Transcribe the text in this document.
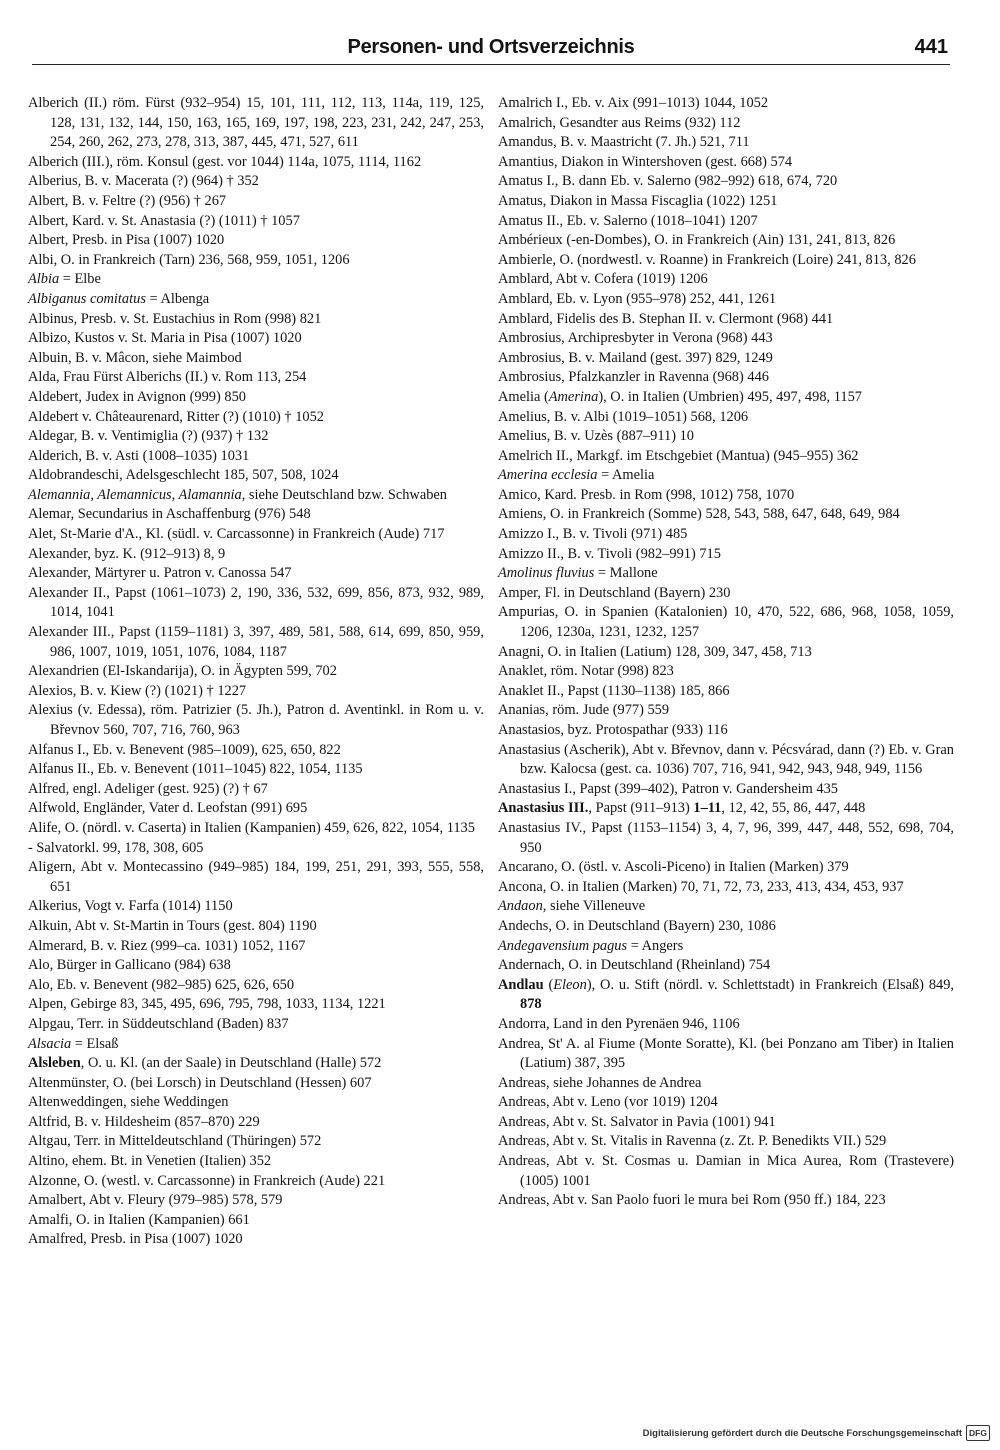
Personen- und Ortsverzeichnis	441
Alberich (II.) röm. Fürst (932–954) 15, 101, 111, 112, 113, 114a, 119, 125, 128, 131, 132, 144, 150, 163, 165, 169, 197, 198, 223, 231, 242, 247, 253, 254, 260, 262, 273, 278, 313, 387, 445, 471, 527, 611
Alberich (III.), röm. Konsul (gest. vor 1044) 114a, 1075, 1114, 1162
Alberius, B. v. Macerata (?) (964) † 352
Albert, B. v. Feltre (?) (956) † 267
Albert, Kard. v. St. Anastasia (?) (1011) † 1057
Albert, Presb. in Pisa (1007) 1020
Albi, O. in Frankreich (Tarn) 236, 568, 959, 1051, 1206
Albia = Elbe
Albiganus comitatus = Albenga
Albinus, Presb. v. St. Eustachius in Rom (998) 821
Albizo, Kustos v. St. Maria in Pisa (1007) 1020
Albuin, B. v. Mâcon, siehe Maimbod
Alda, Frau Fürst Alberichs (II.) v. Rom 113, 254
Aldebert, Judex in Avignon (999) 850
Aldebert v. Châteaurenard, Ritter (?) (1010) † 1052
Aldegar, B. v. Ventimiglia (?) (937) † 132
Alderich, B. v. Asti (1008–1035) 1031
Aldobrandeschi, Adelsgeschlecht 185, 507, 508, 1024
Alemannia, Alemannicus, Alamannia, siehe Deutschland bzw. Schwaben
Alemar, Secundarius in Aschaffenburg (976) 548
Alet, St-Marie d'A., Kl. (südl. v. Carcassonne) in Frankreich (Aude) 717
Alexander, byz. K. (912–913) 8, 9
Alexander, Märtyrer u. Patron v. Canossa 547
Alexander II., Papst (1061–1073) 2, 190, 336, 532, 699, 856, 873, 932, 989, 1014, 1041
Alexander III., Papst (1159–1181) 3, 397, 489, 581, 588, 614, 699, 850, 959, 986, 1007, 1019, 1051, 1076, 1084, 1187
Alexandrien (El-Iskandarija), O. in Ägypten 599, 702
Alexios, B. v. Kiew (?) (1021) † 1227
Alexius (v. Edessa), röm. Patrizier (5. Jh.), Patron d. Aventinkl. in Rom u. v. Břevnov 560, 707, 716, 760, 963
Alfanus I., Eb. v. Benevent (985–1009), 625, 650, 822
Alfanus II., Eb. v. Benevent (1011–1045) 822, 1054, 1135
Alfred, engl. Adeliger (gest. 925) (?) † 67
Alfwold, Engländer, Vater d. Leofstan (991) 695
Alife, O. (nördl. v. Caserta) in Italien (Kampanien) 459, 626, 822, 1054, 1135
- Salvatorkl. 99, 178, 308, 605
Aligern, Abt v. Montecassino (949–985) 184, 199, 251, 291, 393, 555, 558, 651
Alkerius, Vogt v. Farfa (1014) 1150
Alkuin, Abt v. St-Martin in Tours (gest. 804) 1190
Almerard, B. v. Riez (999–ca. 1031) 1052, 1167
Alo, Bürger in Gallicano (984) 638
Alo, Eb. v. Benevent (982–985) 625, 626, 650
Alpen, Gebirge 83, 345, 495, 696, 795, 798, 1033, 1134, 1221
Alpgau, Terr. in Süddeutschland (Baden) 837
Alsacia = Elsaß
Alsleben, O. u. Kl. (an der Saale) in Deutschland (Halle) 572
Altenmünster, O. (bei Lorsch) in Deutschland (Hessen) 607
Altenweddingen, siehe Weddingen
Altfrid, B. v. Hildesheim (857–870) 229
Altgau, Terr. in Mitteldeutschland (Thüringen) 572
Altino, ehem. Bt. in Venetien (Italien) 352
Alzonne, O. (westl. v. Carcassonne) in Frankreich (Aude) 221
Amalbert, Abt v. Fleury (979–985) 578, 579
Amalfi, O. in Italien (Kampanien) 661
Amalfred, Presb. in Pisa (1007) 1020
Amalrich I., Eb. v. Aix (991–1013) 1044, 1052
Amalrich, Gesandter aus Reims (932) 112
Amandus, B. v. Maastricht (7. Jh.) 521, 711
Amantius, Diakon in Wintershoven (gest. 668) 574
Amatus I., B. dann Eb. v. Salerno (982–992) 618, 674, 720
Amatus, Diakon in Massa Fiscaglia (1022) 1251
Amatus II., Eb. v. Salerno (1018–1041) 1207
Ambérieux (-en-Dombes), O. in Frankreich (Ain) 131, 241, 813, 826
Ambierle, O. (nordwestl. v. Roanne) in Frankreich (Loire) 241, 813, 826
Amblard, Abt v. Cofera (1019) 1206
Amblard, Eb. v. Lyon (955–978) 252, 441, 1261
Amblard, Fidelis des B. Stephan II. v. Clermont (968) 441
Ambrosius, Archipresbyter in Verona (968) 443
Ambrosius, B. v. Mailand (gest. 397) 829, 1249
Ambrosius, Pfalzkanzler in Ravenna (968) 446
Amelia (Amerina), O. in Italien (Umbrien) 495, 497, 498, 1157
Amelius, B. v. Albi (1019–1051) 568, 1206
Amelius, B. v. Uzès (887–911) 10
Amelrich II., Markgf. im Etschgebiet (Mantua) (945–955) 362
Amerina ecclesia = Amelia
Amico, Kard. Presb. in Rom (998, 1012) 758, 1070
Amiens, O. in Frankreich (Somme) 528, 543, 588, 647, 648, 649, 984
Amizzo I., B. v. Tivoli (971) 485
Amizzo II., B. v. Tivoli (982–991) 715
Amolinus fluvius = Mallone
Amper, Fl. in Deutschland (Bayern) 230
Ampurias, O. in Spanien (Katalonien) 10, 470, 522, 686, 968, 1058, 1059, 1206, 1230a, 1231, 1232, 1257
Anagni, O. in Italien (Latium) 128, 309, 347, 458, 713
Anaklet, röm. Notar (998) 823
Anaklet II., Papst (1130–1138) 185, 866
Ananias, röm. Jude (977) 559
Anastasios, byz. Protospathar (933) 116
Anastasius (Ascherik), Abt v. Břevnov, dann v. Pécsvárad, dann (?) Eb. v. Gran bzw. Kalocsa (gest. ca. 1036) 707, 716, 941, 942, 943, 948, 949, 1156
Anastasius I., Papst (399–402), Patron v. Gandersheim 435
Anastasius III., Papst (911–913) 1–11, 12, 42, 55, 86, 447, 448
Anastasius IV., Papst (1153–1154) 3, 4, 7, 96, 399, 447, 448, 552, 698, 704, 950
Ancarano, O. (östl. v. Ascoli-Piceno) in Italien (Marken) 379
Ancona, O. in Italien (Marken) 70, 71, 72, 73, 233, 413, 434, 453, 937
Andaon, siehe Villeneuve
Andechs, O. in Deutschland (Bayern) 230, 1086
Andegavensium pagus = Angers
Andernach, O. in Deutschland (Rheinland) 754
Andlau (Eleon), O. u. Stift (nördl. v. Schlettstadt) in Frankreich (Elsaß) 849, 878
Andorra, Land in den Pyrenäen 946, 1106
Andrea, St' A. al Fiume (Monte Soratte), Kl. (bei Ponzano am Tiber) in Italien (Latium) 387, 395
Andreas, siehe Johannes de Andrea
Andreas, Abt v. Leno (vor 1019) 1204
Andreas, Abt v. St. Salvator in Pavia (1001) 941
Andreas, Abt v. St. Vitalis in Ravenna (z. Zt. P. Benedikts VII.) 529
Andreas, Abt v. St. Cosmas u. Damian in Mica Aurea, Rom (Trastevere) (1005) 1001
Andreas, Abt v. San Paolo fuori le mura bei Rom (950 ff.) 184, 223
Digitalisierung gefördert durch die Deutsche Forschungsgemeinschaft DFG
